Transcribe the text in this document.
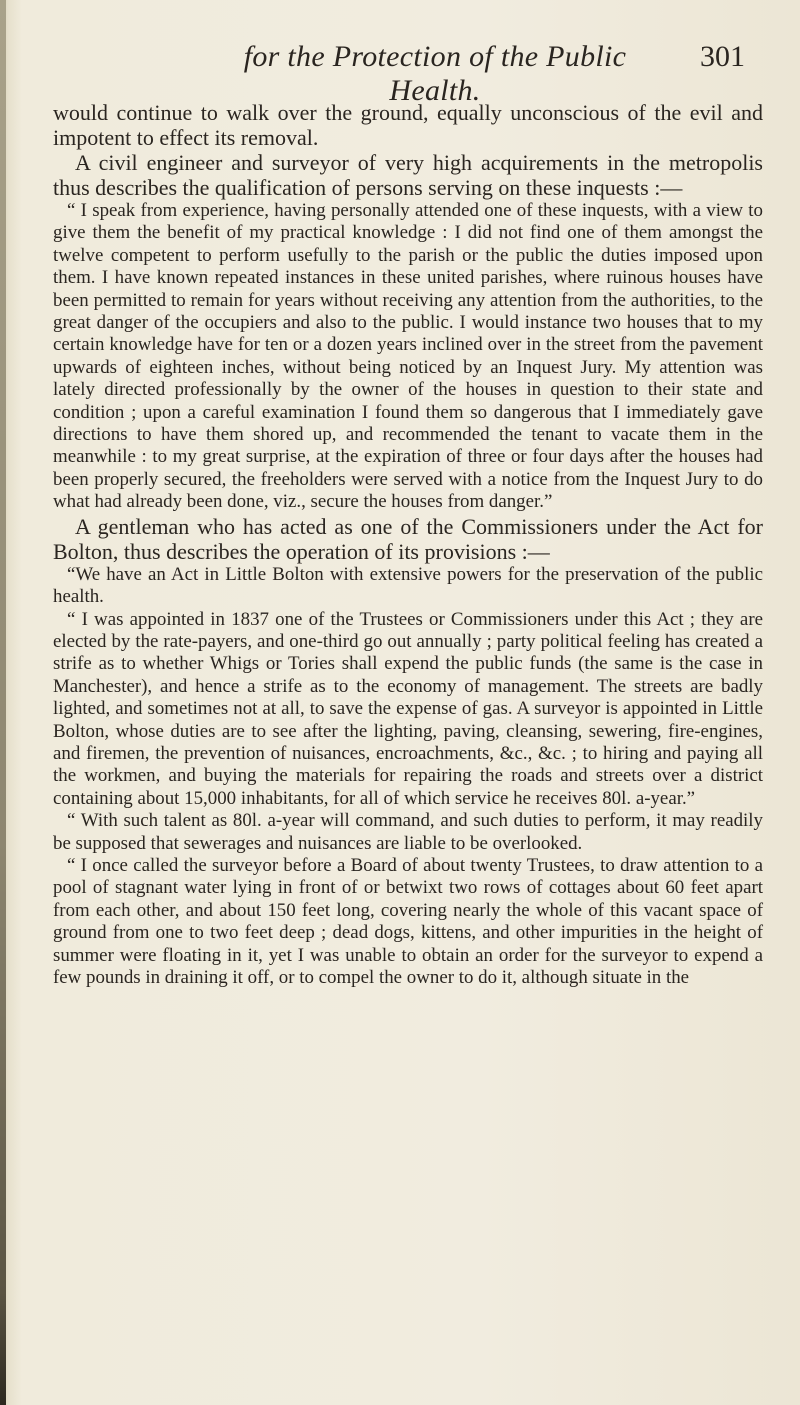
for the Protection of the Public Health.
301

would continue to walk over the ground, equally unconscious of the evil and impotent to effect its removal.

A civil engineer and surveyor of very high acquirements in the metropolis thus describes the qualification of persons serving on these inquests :—

“ I speak from experience, having personally attended one of these inquests, with a view to give them the benefit of my practical knowledge : I did not find one of them amongst the twelve competent to perform usefully to the parish or the public the duties imposed upon them. I have known repeated instances in these united parishes, where ruinous houses have been permitted to remain for years without receiving any attention from the authorities, to the great danger of the occupiers and also to the public. I would instance two houses that to my certain knowledge have for ten or a dozen years inclined over in the street from the pavement upwards of eighteen inches, without being noticed by an Inquest Jury. My attention was lately directed professionally by the owner of the houses in question to their state and condition ; upon a careful examination I found them so dangerous that I immediately gave directions to have them shored up, and recommended the tenant to vacate them in the meanwhile : to my great surprise, at the expiration of three or four days after the houses had been properly secured, the freeholders were served with a notice from the Inquest Jury to do what had already been done, viz., secure the houses from danger.”

A gentleman who has acted as one of the Commissioners under the Act for Bolton, thus describes the operation of its provisions :—

“We have an Act in Little Bolton with extensive powers for the preservation of the public health.

“ I was appointed in 1837 one of the Trustees or Commissioners under this Act ; they are elected by the rate-payers, and one-third go out annually ; party political feeling has created a strife as to whether Whigs or Tories shall expend the public funds (the same is the case in Manchester), and hence a strife as to the economy of management. The streets are badly lighted, and sometimes not at all, to save the expense of gas. A surveyor is appointed in Little Bolton, whose duties are to see after the lighting, paving, cleansing, sewering, fire-engines, and firemen, the prevention of nuisances, encroachments, &c., &c. ; to hiring and paying all the workmen, and buying the materials for repairing the roads and streets over a district containing about 15,000 inhabitants, for all of which service he receives 80l. a-year.”

“ With such talent as 80l. a-year will command, and such duties to perform, it may readily be supposed that sewerages and nuisances are liable to be overlooked.

“ I once called the surveyor before a Board of about twenty Trustees, to draw attention to a pool of stagnant water lying in front of or betwixt two rows of cottages about 60 feet apart from each other, and about 150 feet long, covering nearly the whole of this vacant space of ground from one to two feet deep ; dead dogs, kittens, and other impurities in the height of summer were floating in it, yet I was unable to obtain an order for the surveyor to expend a few pounds in draining it off, or to compel the owner to do it, although situate in the
